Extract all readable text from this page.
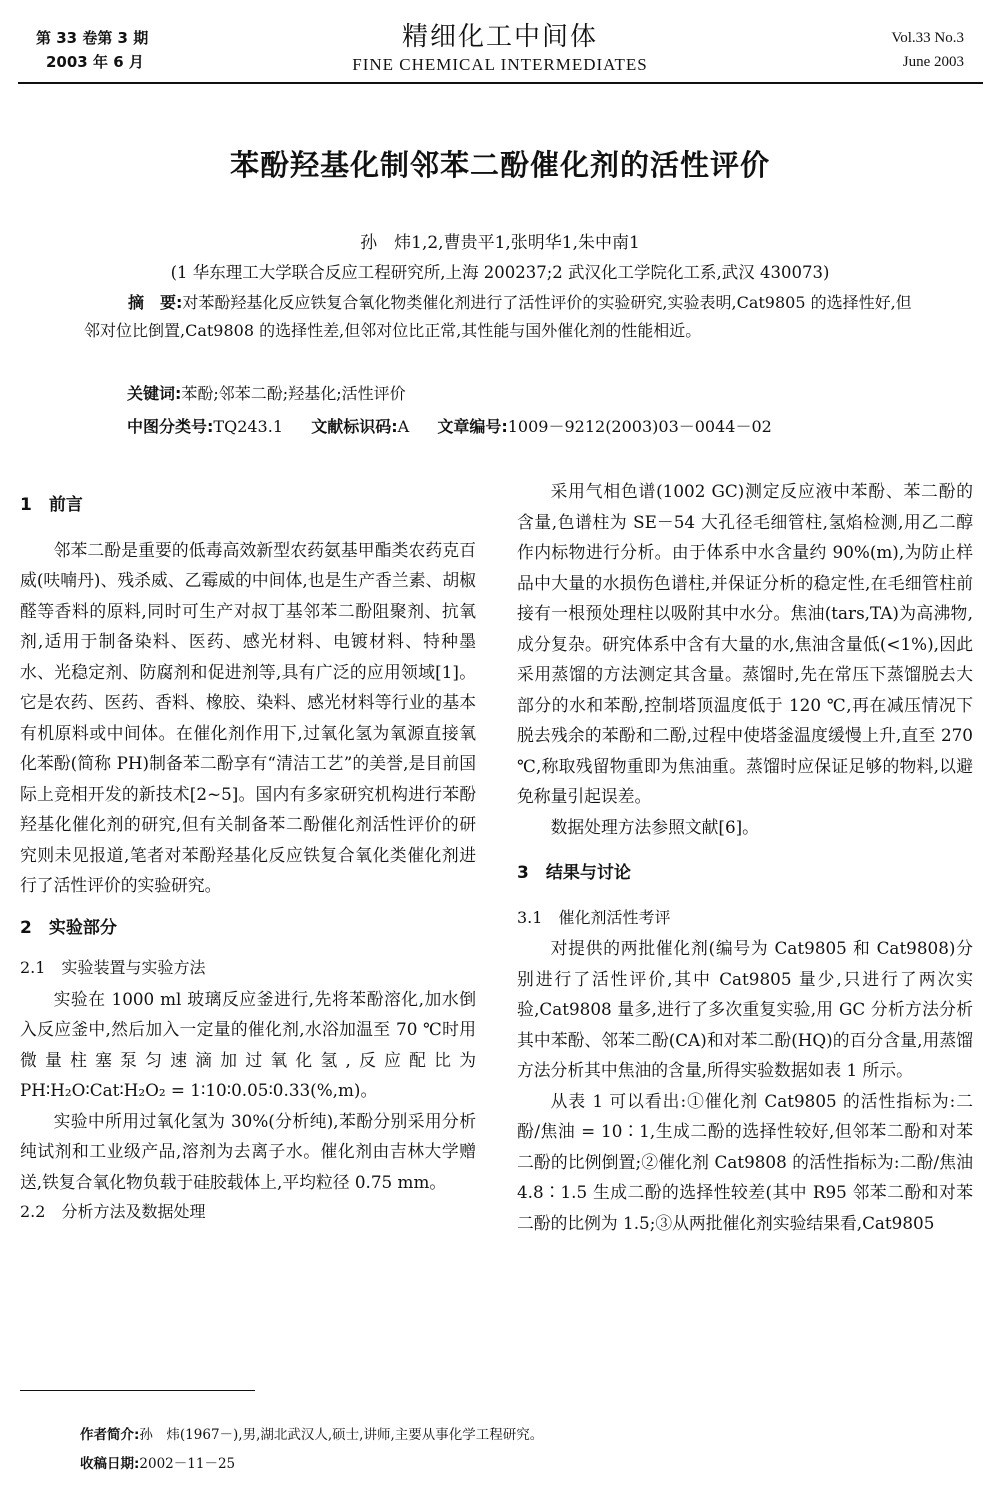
第 33 卷第 3 期
2003 年 6 月
精细化工中间体
FINE CHEMICAL INTERMEDIATES
Vol.33 No.3
June 2003
苯酚羟基化制邻苯二酚催化剂的活性评价
孙　炜1,2,曹贵平1,张明华1,朱中南1
(1 华东理工大学联合反应工程研究所,上海 200237;2 武汉化工学院化工系,武汉 430073)
摘　要:对苯酚羟基化反应铁复合氧化物类催化剂进行了活性评价的实验研究,实验表明,Cat9805 的选择性好,但邻对位比倒置,Cat9808 的选择性差,但邻对位比正常,其性能与国外催化剂的性能相近。
关键词:苯酚;邻苯二酚;羟基化;活性评价
中图分类号:TQ243.1 文献标识码:A 文章编号:1009－9212(2003)03－0044－02
1　前言

邻苯二酚是重要的低毒高效新型农药氨基甲酯类农药克百威(呋喃丹)、残杀威、乙霉威的中间体,也是生产香兰素、胡椒醛等香料的原料,同时可生产对叔丁基邻苯二酚阻聚剂、抗氧剂,适用于制备染料、医药、感光材料、电镀材料、特种墨水、光稳定剂、防腐剂和促进剂等,具有广泛的应用领域[1]。它是农药、医药、香料、橡胶、染料、感光材料等行业的基本有机原料或中间体。在催化剂作用下,过氧化氢为氧源直接氧化苯酚(简称 PH)制备苯二酚享有“清洁工艺”的美誉,是目前国际上竞相开发的新技术[2~5]。国内有多家研究机构进行苯酚羟基化催化剂的研究,但有关制备苯二酚催化剂活性评价的研究则未见报道,笔者对苯酚羟基化反应铁复合氧化类催化剂进行了活性评价的实验研究。

2　实验部分
2.1　实验装置与实验方法

实验在 1000 ml 玻璃反应釜进行,先将苯酚溶化,加水倒入反应釜中,然后加入一定量的催化剂,水浴加温至 70 ℃时用微量柱塞泵匀速滴加过氧化氢,反应配比为 PH∶H₂O∶Cat∶H₂O₂ = 1∶10∶0.05∶0.33(%,m)。

实验中所用过氧化氢为 30%(分析纯),苯酚分别采用分析纯试剂和工业级产品,溶剂为去离子水。催化剂由吉林大学赠送,铁复合氧化物负载于硅胶载体上,平均粒径 0.75 mm。

2.2　分析方法及数据处理

采用气相色谱(1002 GC)测定反应液中苯酚、苯二酚的含量,色谱柱为 SE－54 大孔径毛细管柱,氢焰检测,用乙二醇作内标物进行分析。由于体系中水含量约 90%(m),为防止样品中大量的水损伤色谱柱,并保证分析的稳定性,在毛细管柱前接有一根预处理柱以吸附其中水分。焦油(tars,TA)为高沸物,成分复杂。研究体系中含有大量的水,焦油含量低(<1%),因此采用蒸馏的方法测定其含量。蒸馏时,先在常压下蒸馏脱去大部分的水和苯酚,控制塔顶温度低于 120 ℃,再在减压情况下脱去残余的苯酚和二酚,过程中使塔釜温度缓慢上升,直至 270 ℃,称取残留物重即为焦油重。蒸馏时应保证足够的物料,以避免称量引起误差。

数据处理方法参照文献[6]。

3　结果与讨论
3.1　催化剂活性考评

对提供的两批催化剂(编号为 Cat9805 和 Cat9808)分别进行了活性评价,其中 Cat9805 量少,只进行了两次实验,Cat9808 量多,进行了多次重复实验,用 GC 分析方法分析其中苯酚、邻苯二酚(CA)和对苯二酚(HQ)的百分含量,用蒸馏方法分析其中焦油的含量,所得实验数据如表 1 所示。

从表 1 可以看出:①催化剂 Cat9805 的活性指标为:二酚/焦油 = 10∶1,生成二酚的选择性较好,但邻苯二酚和对苯二酚的比例倒置;②催化剂 Cat9808 的活性指标为:二酚/焦油 4.8∶1.5 生成二酚的选择性较差(其中 R95 邻苯二酚和对苯二酚的比例为 1.5;③从两批催化剂实验结果看,Cat9805

作者简介:孙　炜(1967－),男,湖北武汉人,硕士,讲师,主要从事化学工程研究。
收稿日期:2002－11－25
